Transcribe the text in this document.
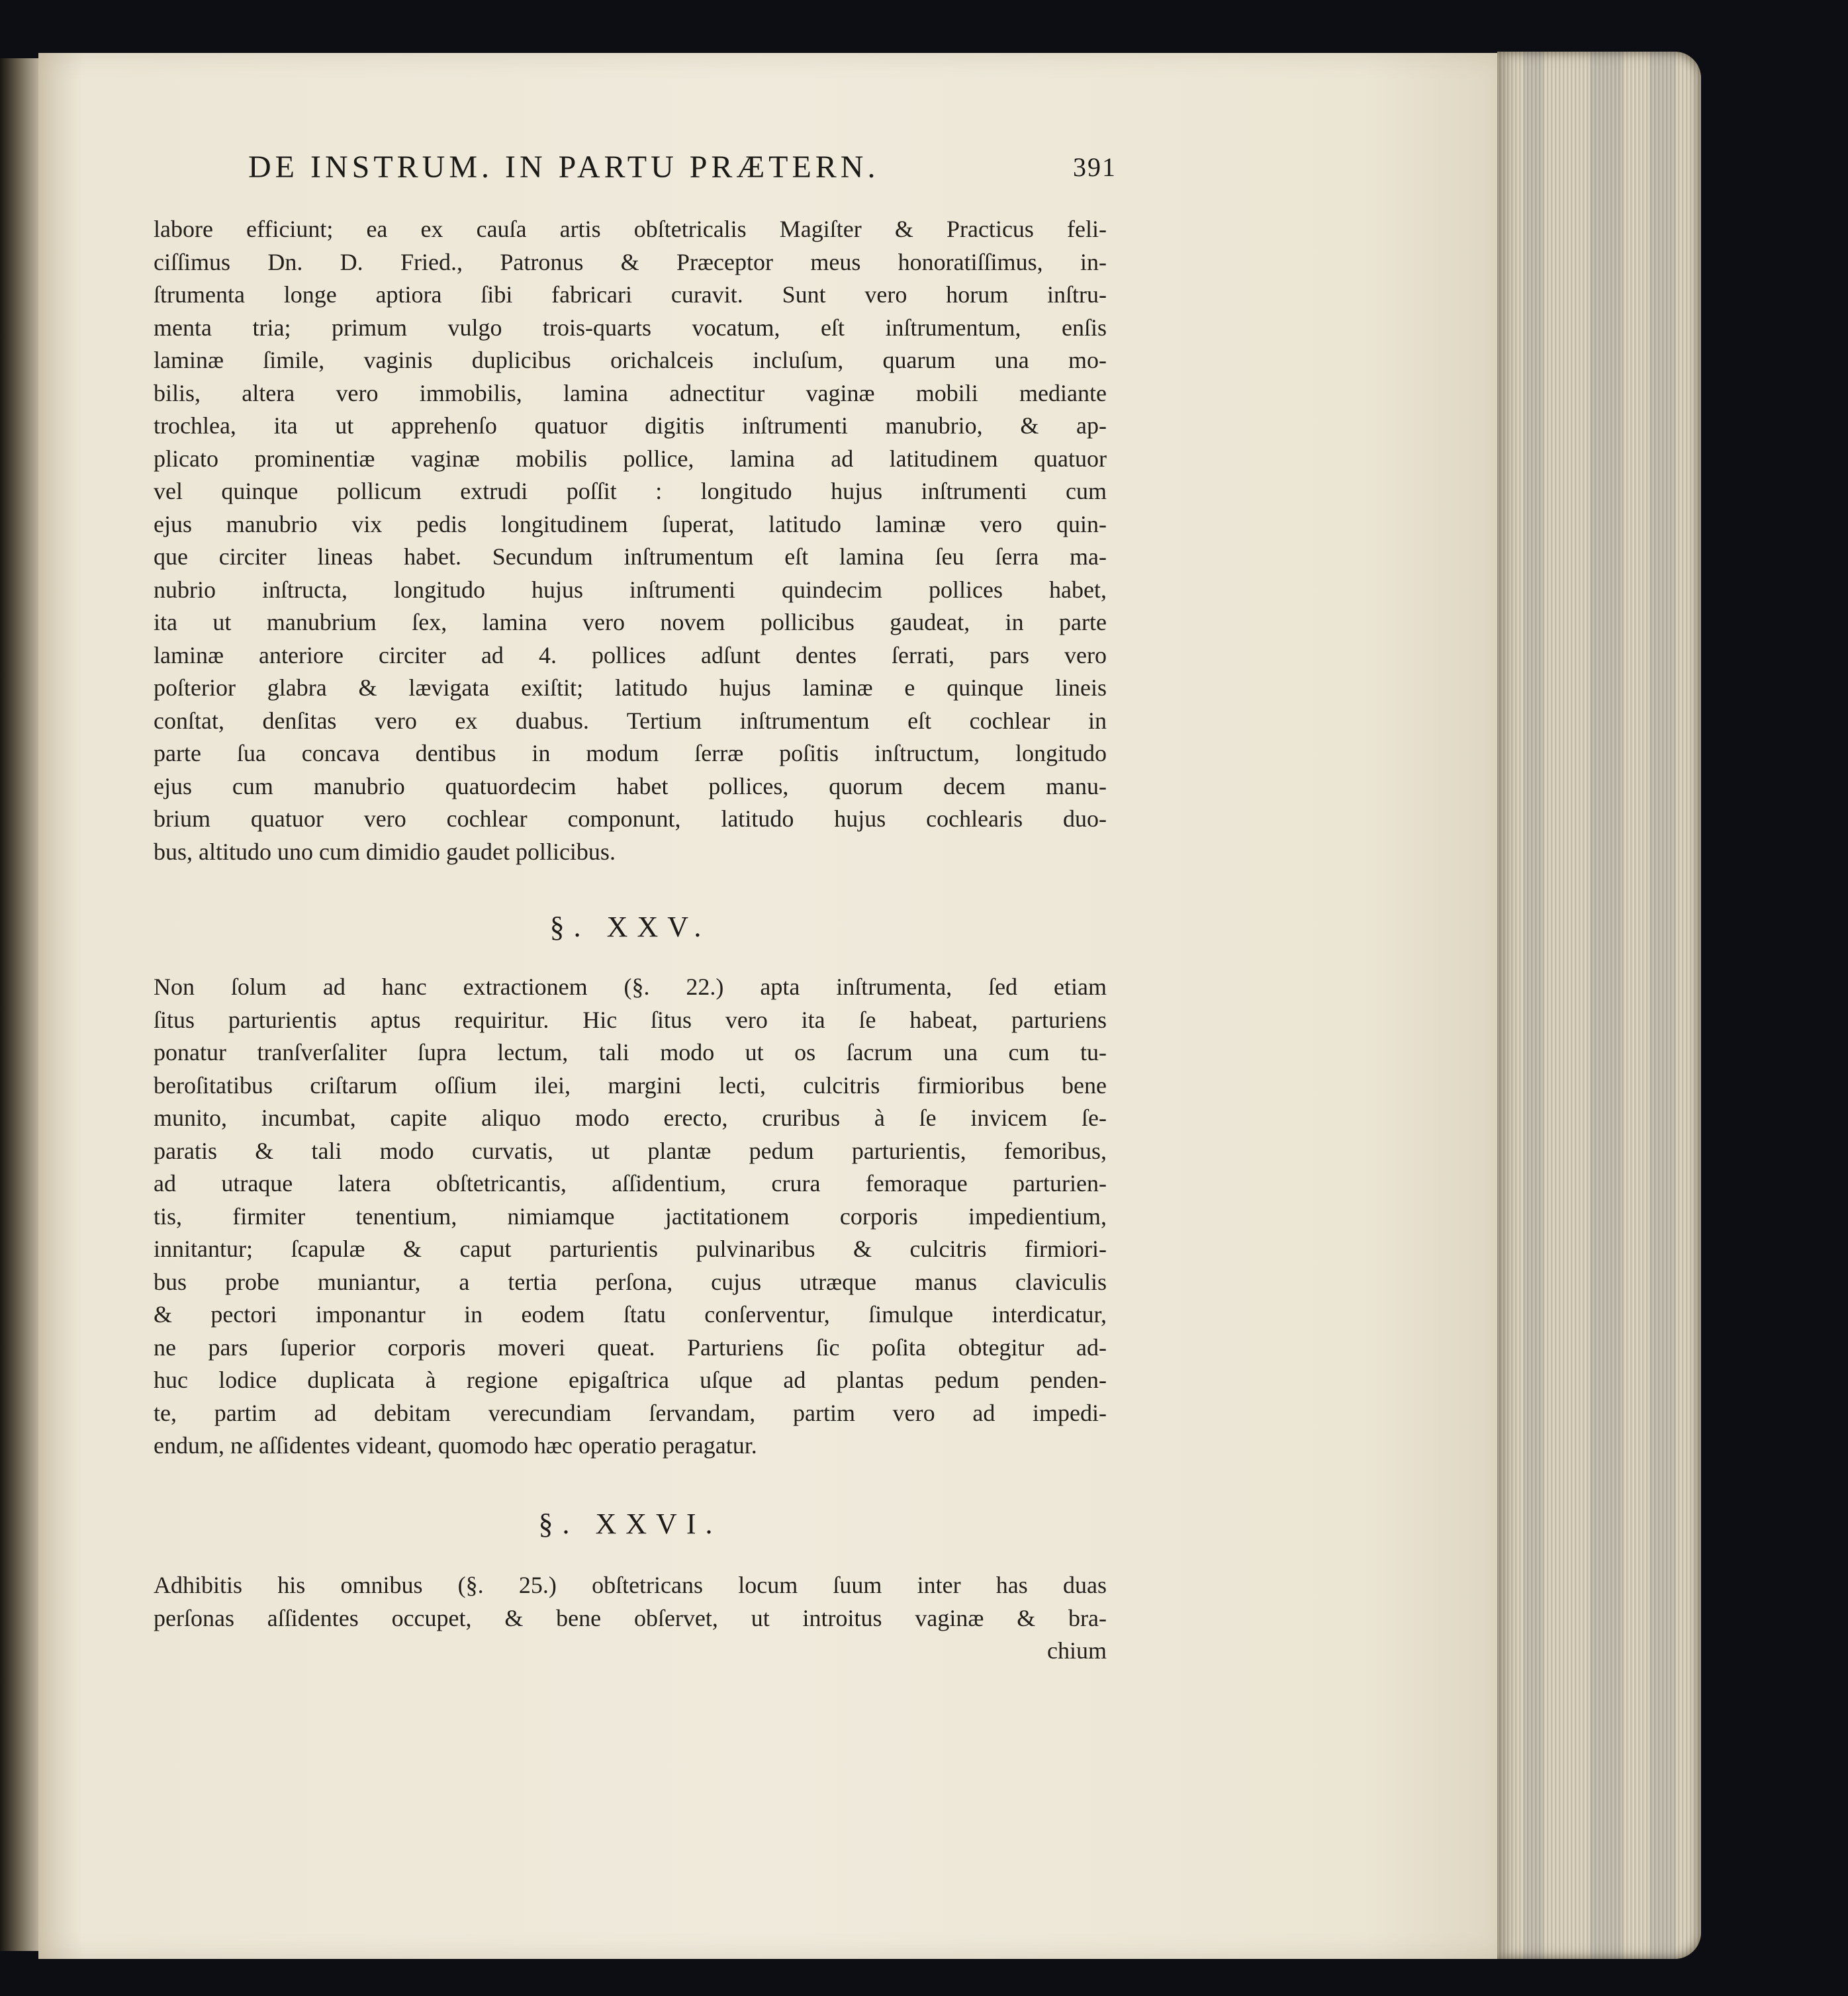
DE INSTRUM. IN PARTU PRÆTERN.	391
labore efficiunt; ea ex cauſa artis obſtetricalis Magiſter & Practicus feli-
ciſſimus Dn. D. Fried., Patronus & Præceptor meus honoratiſſimus, in-
ſtrumenta longe aptiora ſibi fabricari curavit. Sunt vero horum inſtru-
menta tria; primum vulgo trois-quarts vocatum, eſt inſtrumentum, enſis
laminæ ſimile, vaginis duplicibus orichalceis incluſum, quarum una mo-
bilis, altera vero immobilis, lamina adnectitur vaginæ mobili mediante
trochlea, ita ut apprehenſo quatuor digitis inſtrumenti manubrio, & ap-
plicato prominentiæ vaginæ mobilis pollice, lamina ad latitudinem quatuor
vel quinque pollicum extrudi poſſit : longitudo hujus inſtrumenti cum
ejus manubrio vix pedis longitudinem ſuperat, latitudo laminæ vero quin-
que circiter lineas habet. Secundum inſtrumentum eſt lamina ſeu ſerra ma-
nubrio inſtructa, longitudo hujus inſtrumenti quindecim pollices habet,
ita ut manubrium ſex, lamina vero novem pollicibus gaudeat, in parte
laminæ anteriore circiter ad 4. pollices adſunt dentes ſerrati, pars vero
poſterior glabra & lævigata exiſtit; latitudo hujus laminæ e quinque lineis
conſtat, denſitas vero ex duabus. Tertium inſtrumentum eſt cochlear in
parte ſua concava dentibus in modum ſerræ poſitis inſtructum, longitudo
ejus cum manubrio quatuordecim habet pollices, quorum decem manu-
brium quatuor vero cochlear componunt, latitudo hujus cochlearis duo-
bus, altitudo uno cum dimidio gaudet pollicibus.
§. XXV.
Non ſolum ad hanc extractionem (§. 22.) apta inſtrumenta, ſed etiam
ſitus parturientis aptus requiritur. Hic ſitus vero ita ſe habeat, parturiens
ponatur tranſverſaliter ſupra lectum, tali modo ut os ſacrum una cum tu-
beroſitatibus criſtarum oſſium ilei, margini lecti, culcitris firmioribus bene
munito, incumbat, capite aliquo modo erecto, cruribus à ſe invicem ſe-
paratis & tali modo curvatis, ut plantæ pedum parturientis, femoribus,
ad utraque latera obſtetricantis, aſſidentium, crura femoraque parturien-
tis, firmiter tenentium, nimiamque jactitationem corporis impedientium,
innitantur; ſcapulæ & caput parturientis pulvinaribus & culcitris firmiori-
bus probe muniantur, a tertia perſona, cujus utræque manus claviculis
& pectori imponantur in eodem ſtatu conſerventur, ſimulque interdicatur,
ne pars ſuperior corporis moveri queat. Parturiens ſic poſita obtegitur ad-
huc lodice duplicata à regione epigaſtrica uſque ad plantas pedum penden-
te, partim ad debitam verecundiam ſervandam, partim vero ad impedi-
endum, ne aſſidentes videant, quomodo hæc operatio peragatur.
§. XXVI.
Adhibitis his omnibus (§. 25.) obſtetricans locum ſuum inter has duas
perſonas aſſidentes occupet, & bene obſervet, ut introitus vaginæ & bra-
chium
